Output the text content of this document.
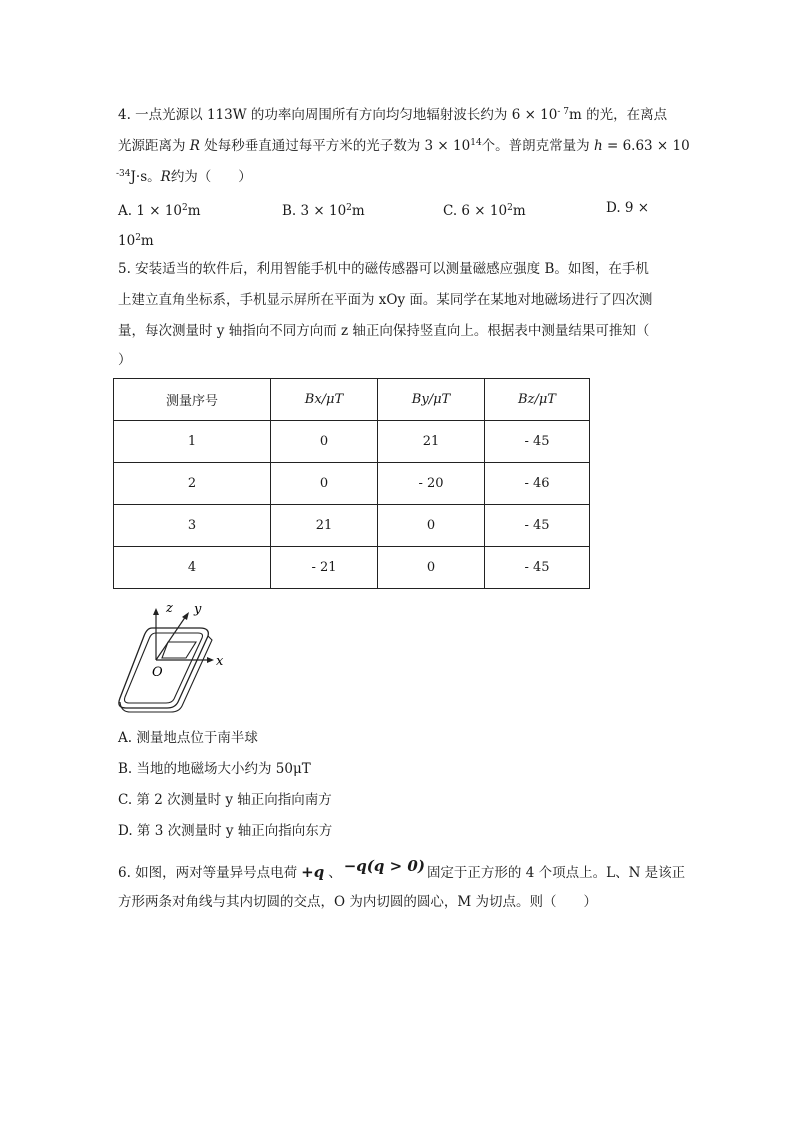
4. 一点光源以 113W 的功率向周围所有方向均匀地辐射波长约为 $6 \times 10^{- 7}m$ 的光，在离点
光源距离为 R 处每秒垂直通过每平方米的光子数为 $3 \times 10^{14}$个。普朗克常量为 h = 6.63 × 10
$^{-34}$J·s。R约为（　　）
A. $1 \times 10^2m$	B. $3 \times 10^2m$	C. $6 \times 10^2m$	D. 9 ×
$10^2m$
5. 安装适当的软件后，利用智能手机中的磁传感器可以测量磁感应强度 B。如图，在手机
上建立直角坐标系，手机显示屏所在平面为 xOy 面。某同学在某地对地磁场进行了四次测
量，每次测量时 y 轴指向不同方向而 z 轴正向保持竖直向上。根据表中测量结果可推知（
）
测量序号	Bx/μT	By/μT	Bz/μT
1	0	21	- 45
2	0	- 20	- 46
3	21	0	- 45
4	- 21	0	- 45
z y
x
O
A. 测量地点位于南半球
B. 当地的地磁场大小约为 50μT
C. 第 2 次测量时 y 轴正向指向南方
D. 第 3 次测量时 y 轴正向指向东方
6. 如图，两对等量异号点电荷 +q 、 −q(q > 0) 固定于正方形的 4 个项点上。L、N 是该正
方形两条对角线与其内切圆的交点，O 为内切圆的圆心，M 为切点。则（　　）
